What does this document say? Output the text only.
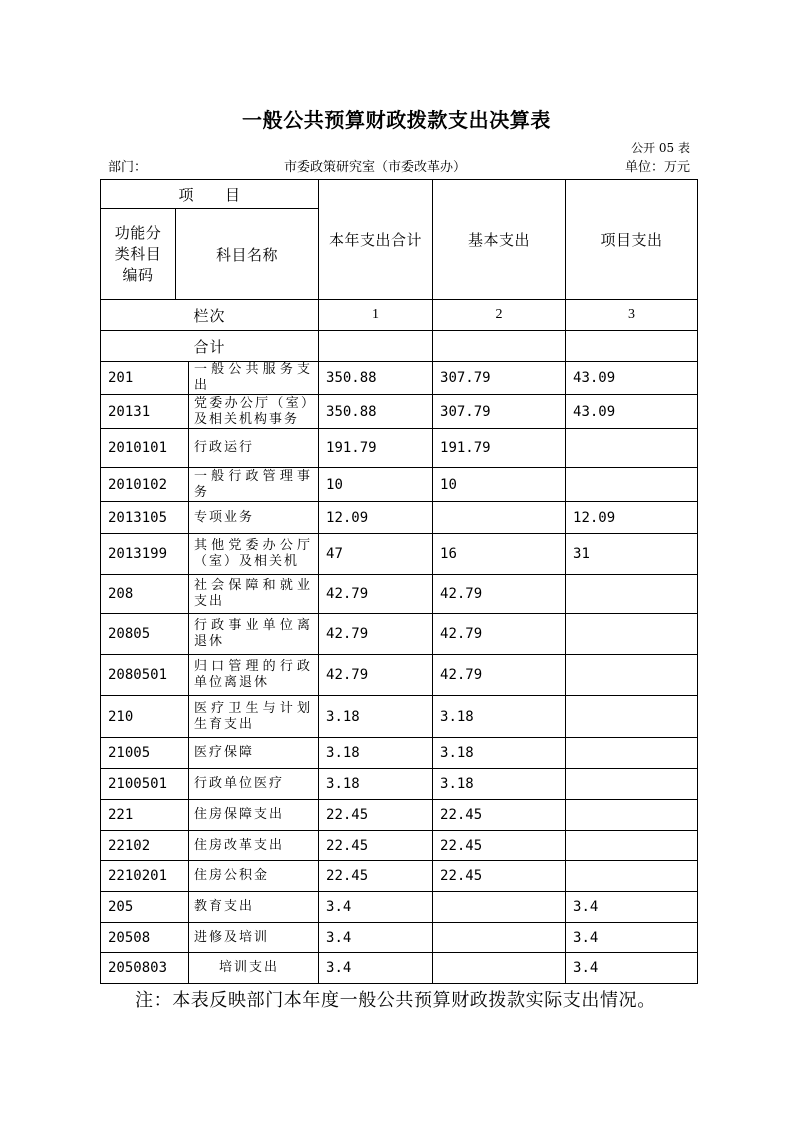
一般公共预算财政拨款支出决算表
公开 05 表
部门：	市委政策研究室（市委改革办）	单位：万元
项　　目			本年支出合计	基本支出	项目支出

功能分类科目编码	科目名称				
栏次			1	2	3
合计					
201		一般公共服务支出	350.88	307.79	43.09
20131		党委办公厅（室）及相关机构事务	350.88	307.79	43.09
2010101		行政运行	191.79	191.79	
2010102		一般行政管理事务	10	10	
2013105		专项业务	12.09		12.09
2013199		其他党委办公厅（室）及相关机	47	16	31
208		社会保障和就业支出	42.79	42.79	
20805		行政事业单位离退休	42.79	42.79	
2080501		归口管理的行政单位离退休	42.79	42.79	
210		医疗卫生与计划生育支出	3.18	3.18	
21005		医疗保障	3.18	3.18	
2100501		行政单位医疗	3.18	3.18	
221		住房保障支出	22.45	22.45	
22102		住房改革支出	22.45	22.45	
2210201		住房公积金	22.45	22.45	
205		教育支出	3.4		3.4
20508		进修及培训	3.4		3.4
2050803		培训支出	3.4		3.4
注：本表反映部门本年度一般公共预算财政拨款实际支出情况。
